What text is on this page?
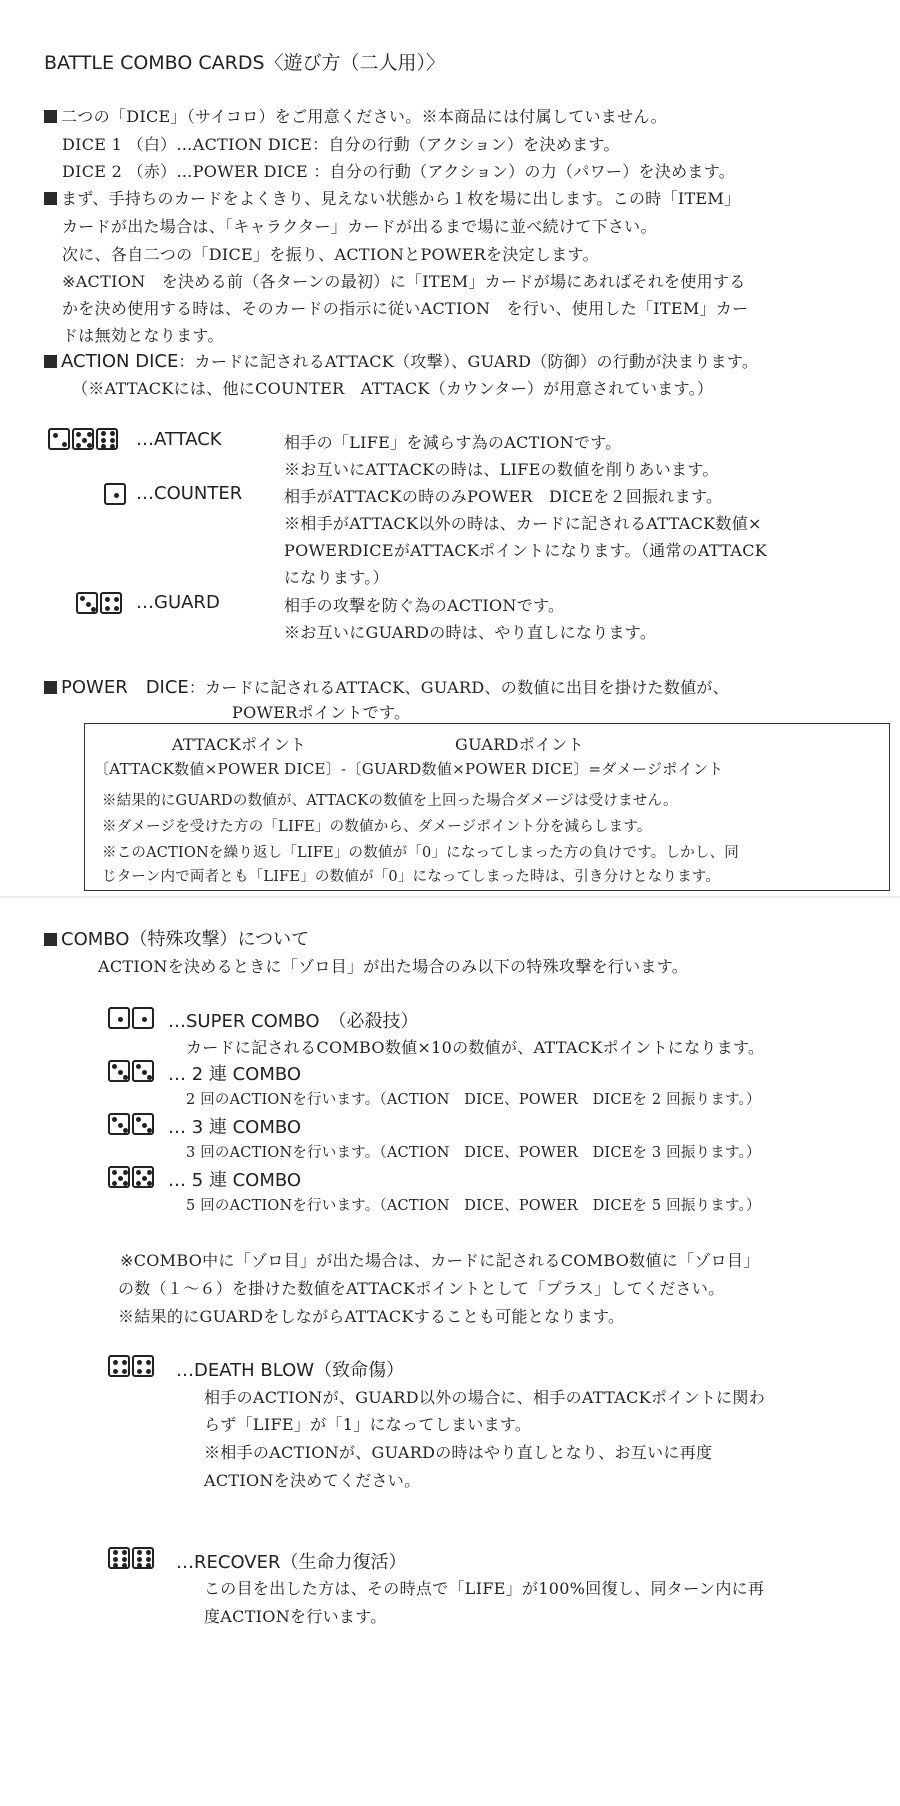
BATTLE COMBO CARDS〈遊び方（二人用）〉
二つの「DICE」（サイコロ）をご用意ください。※本商品には付属していません。
DICE 1 （白）…ACTION DICE：自分の行動（アクション）を決めます。
DICE 2 （赤）…POWER DICE ：自分の行動（アクション）の力（パワー）を決めます。
まず、手持ちのカードをよくきり、見えない状態から１枚を場に出します。この時「ITEM」
カードが出た場合は、「キャラクター」カードが出るまで場に並べ続けて下さい。
次に、各自二つの「DICE」を振り、ACTIONとPOWERを決定します。
※ACTION　を決める前（各ターンの最初）に「ITEM」カードが場にあればそれを使用する
かを決め使用する時は、そのカードの指示に従いACTION　を行い、使用した「ITEM」カー
ドは無効となります。
ACTION DICE：カードに記されるATTACK（攻撃）、GUARD（防御）の行動が決まります。
（※ATTACKには、他にCOUNTER　ATTACK（カウンター）が用意されています。）
…ATTACK	相手の「LIFE」を減らす為のACTIONです。
※お互いにATTACKの時は、LIFEの数値を削りあいます。
…COUNTER	相手がATTACKの時のみPOWER　DICEを２回振れます。
※相手がATTACK以外の時は、カードに記されるATTACK数値×
POWERDICEがATTACKポイントになります。（通常のATTACK
になります。）
…GUARD	相手の攻撃を防ぐ為のACTIONです。
※お互いにGUARDの時は、やり直しになります。
POWER　DICE：カードに記されるATTACK、GUARD、の数値に出目を掛けた数値が、
POWERポイントです。
ATTACKポイント	GUARDポイント
〔ATTACK数値×POWER DICE〕-〔GUARD数値×POWER DICE〕=ダメージポイント
※結果的にGUARDの数値が、ATTACKの数値を上回った場合ダメージは受けません。
※ダメージを受けた方の「LIFE」の数値から、ダメージポイント分を減らします。
※このACTIONを繰り返し「LIFE」の数値が「0」になってしまった方の負けです。しかし、同
じターン内で両者とも「LIFE」の数値が「0」になってしまった時は、引き分けとなります。
COMBO（特殊攻撃）について
ACTIONを決めるときに「ゾロ目」が出た場合のみ以下の特殊攻撃を行います。
…SUPER COMBO　（必殺技）
カードに記されるCOMBO数値×10の数値が、ATTACKポイントになります。
… 2 連 COMBO
2 回のACTIONを行います。（ACTION　DICE、POWER　DICEを 2 回振ります。）
… 3 連 COMBO
3 回のACTIONを行います。（ACTION　DICE、POWER　DICEを 3 回振ります。）
… 5 連 COMBO
5 回のACTIONを行います。（ACTION　DICE、POWER　DICEを 5 回振ります。）
※COMBO中に「ゾロ目」が出た場合は、カードに記されるCOMBO数値に「ゾロ目」
の数（１～６）を掛けた数値をATTACKポイントとして「プラス」してください。
※結果的にGUARDをしながらATTACKすることも可能となります。
…DEATH BLOW（致命傷）
相手のACTIONが、GUARD以外の場合に、相手のATTACKポイントに関わ
らず「LIFE」が「1」になってしまいます。
※相手のACTIONが、GUARDの時はやり直しとなり、お互いに再度
ACTIONを決めてください。
…RECOVER（生命力復活）
この目を出した方は、その時点で「LIFE」が100%回復し、同ターン内に再
度ACTIONを行います。
